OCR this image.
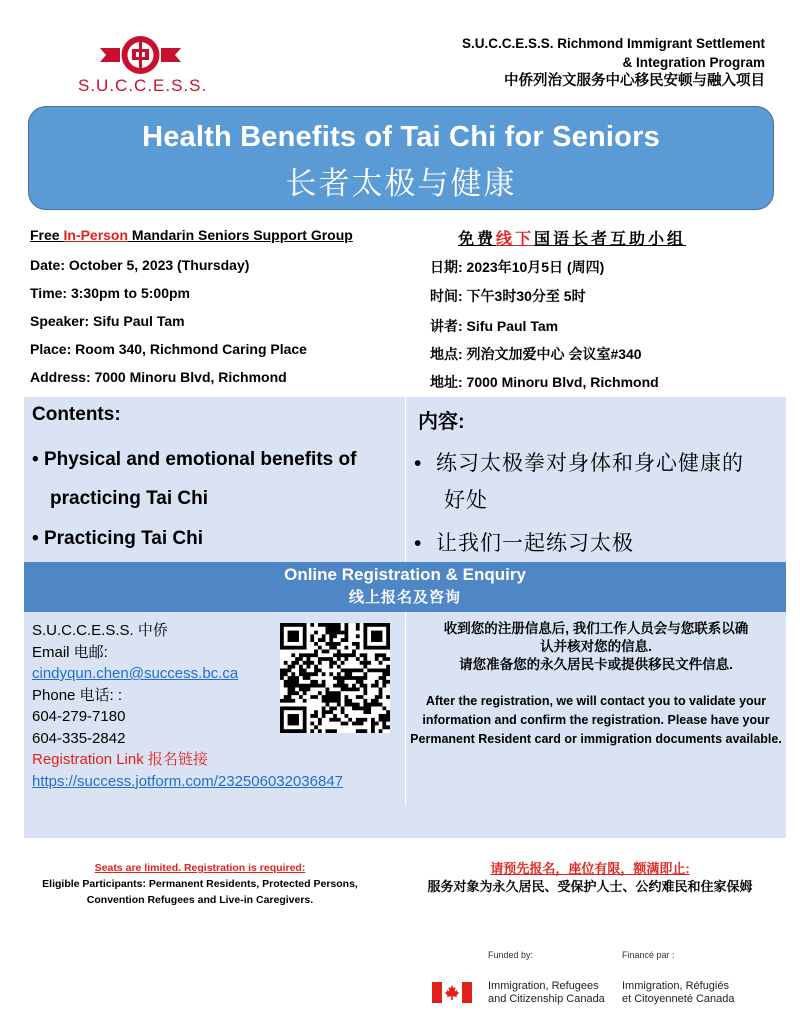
S.U.C.C.E.S.S.
S.U.C.C.E.S.S. Richmond Immigrant Settlement
& Integration Program
中侨列治文服务中心移民安顿与融入项目
Health Benefits of Tai Chi for Seniors
长者太极与健康
Free In-Person Mandarin Seniors Support Group
Date: October 5, 2023 (Thursday)
Time: 3:30pm to 5:00pm
Speaker: Sifu Paul Tam
Place: Room 340, Richmond Caring Place
Address: 7000 Minoru Blvd, Richmond
免费线下国语长者互助小组
日期: 2023年10月5日 (周四)
时间: 下午3时30分至 5时
讲者: Sifu Paul Tam
地点: 列治文加爱中心 会议室#340
地址: 7000 Minoru Blvd, Richmond
Contents:
• Physical and emotional benefits of
practicing Tai Chi
• Practicing Tai Chi
内容:
•  练习太极拳对身体和身心健康的
好处
•  让我们一起练习太极
Online Registration & Enquiry
线上报名及咨询
S.U.C.C.E.S.S. 中侨
Email 电邮:
cindyqun.chen@success.bc.ca
Phone 电话: :
604-279-7180
604-335-2842
Registration Link 报名链接
https://success.jotform.com/232506032036847
收到您的注册信息后, 我们工作人员会与您联系以确
认并核对您的信息.
请您准备您的永久居民卡或提供移民文件信息.
After the registration, we will contact you to validate your information and confirm the registration. Please have your Permanent Resident card or immigration documents available.
Seats are limited. Registration is required:
Eligible Participants: Permanent Residents, Protected Persons, Convention Refugees and Live-in Caregivers.
请预先报名，座位有限，额满即止:
服务对象为永久居民、受保护人士、公约难民和住家保姆
Funded by:	Financé par :
Immigration, Refugees
and Citizenship Canada
Immigration, Réfugiés
et Citoyenneté Canada
